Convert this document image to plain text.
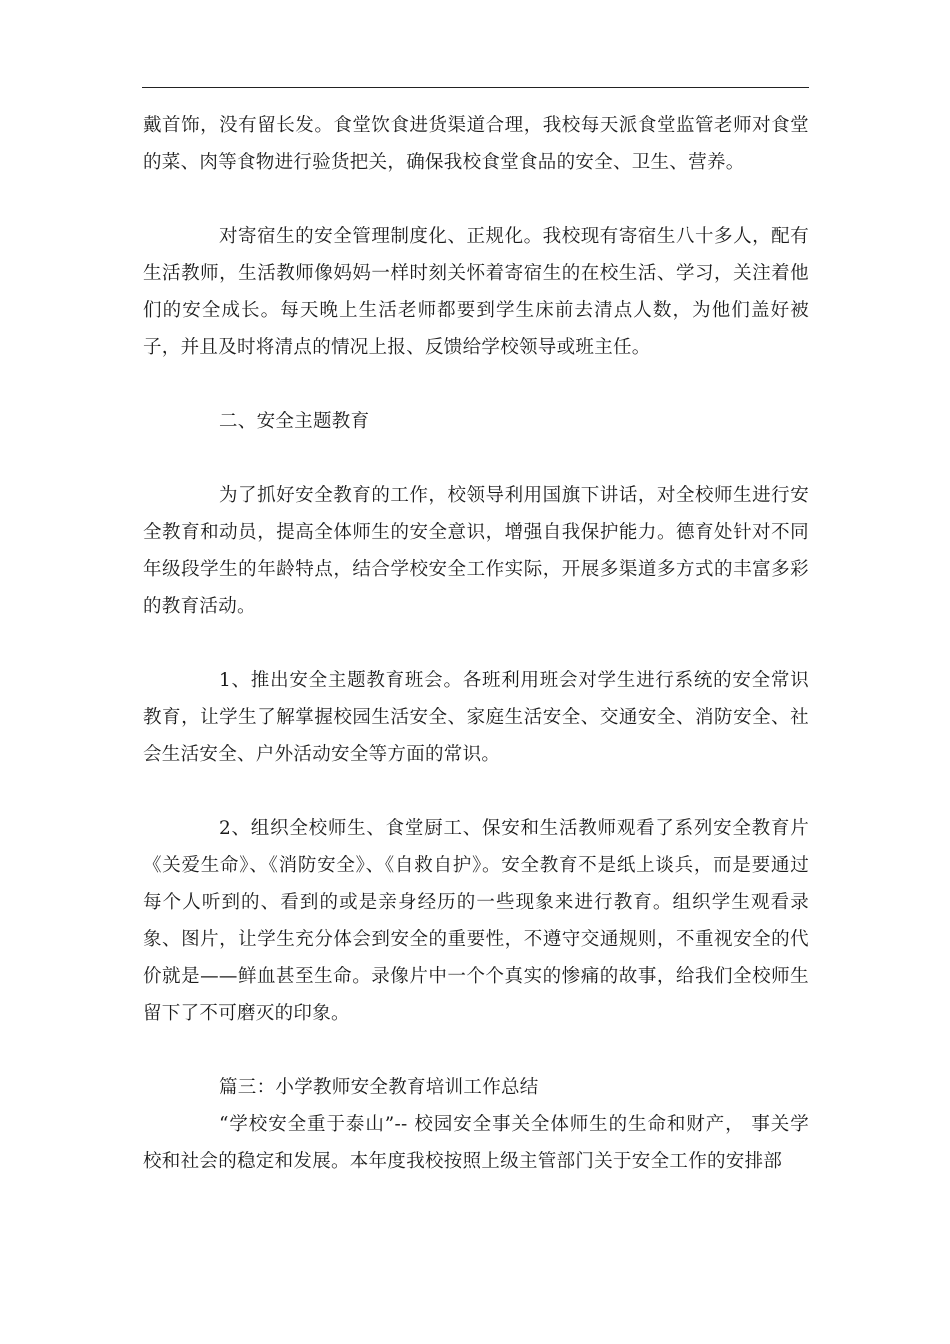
戴首饰，没有留长发。食堂饮食进货渠道合理，我校每天派食堂监管老师对食堂的菜、肉等食物进行验货把关，确保我校食堂食品的安全、卫生、营养。

对寄宿生的安全管理制度化、正规化。我校现有寄宿生八十多人，配有生活教师，生活教师像妈妈一样时刻关怀着寄宿生的在校生活、学习，关注着他们的安全成长。每天晚上生活老师都要到学生床前去清点人数，为他们盖好被子，并且及时将清点的情况上报、反馈给学校领导或班主任。

二、安全主题教育

为了抓好安全教育的工作，校领导利用国旗下讲话，对全校师生进行安全教育和动员，提高全体师生的安全意识，增强自我保护能力。德育处针对不同年级段学生的年龄特点，结合学校安全工作实际，开展多渠道多方式的丰富多彩的教育活动。

1、推出安全主题教育班会。各班利用班会对学生进行系统的安全常识教育，让学生了解掌握校园生活安全、家庭生活安全、交通安全、消防安全、社会生活安全、户外活动安全等方面的常识。

2、组织全校师生、食堂厨工、保安和生活教师观看了系列安全教育片《关爱生命》、《消防安全》、《自救自护》。安全教育不是纸上谈兵，而是要通过每个人听到的、看到的或是亲身经历的一些现象来进行教育。组织学生观看录象、图片，让学生充分体会到安全的重要性，不遵守交通规则，不重视安全的代价就是——鲜血甚至生命。录像片中一个个真实的惨痛的故事，给我们全校师生留下了不可磨灭的印象。

篇三：小学教师安全教育培训工作总结

“学校安全重于泰山”-- 校园安全事关全体师生的生命和财产， 事关学校和社会的稳定和发展。本年度我校按照上级主管部门关于安全工作的安排部
